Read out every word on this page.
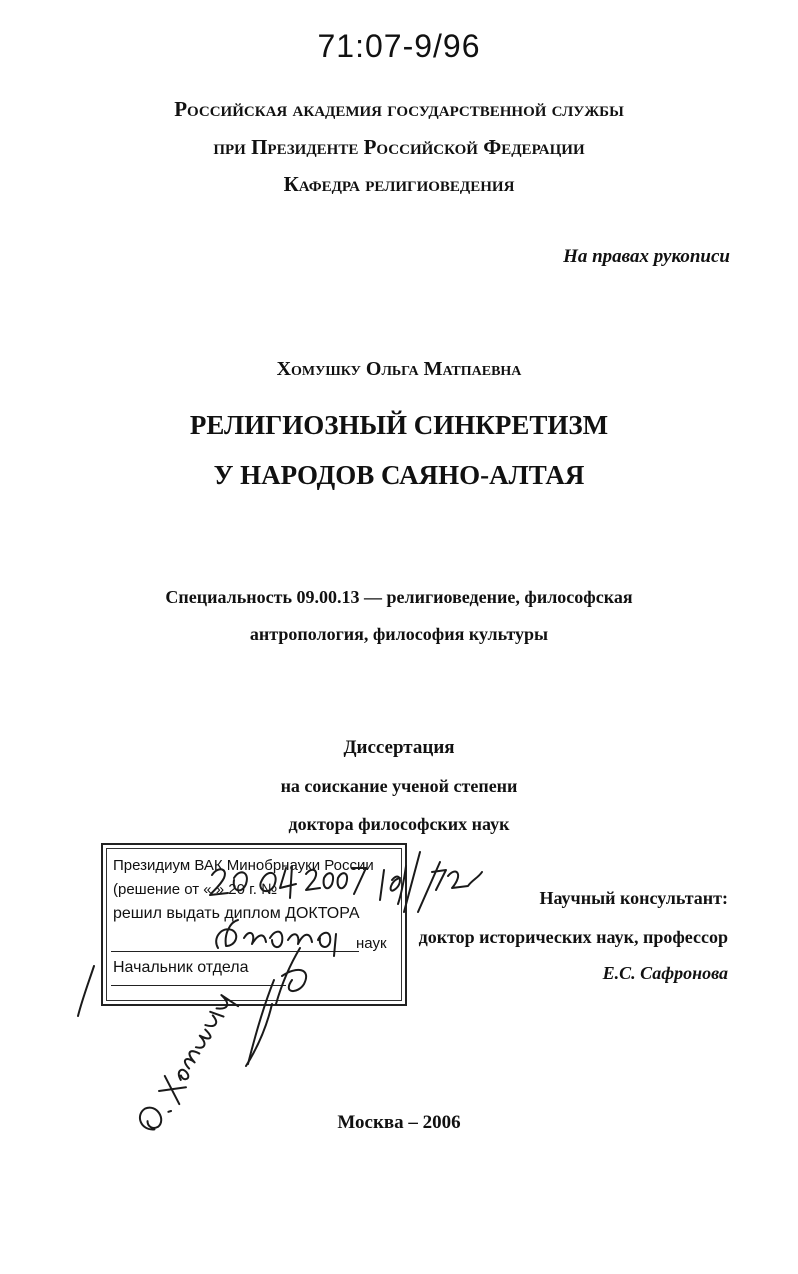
71:07-9/96
Российская академия государственной службы
при Президенте Российской Федерации
Кафедра религиоведения
На правах рукописи
Хомушку Ольга Матпаевна
РЕЛИГИОЗНЫЙ СИНКРЕТИЗМ
У НАРОДОВ САЯНО-АЛТАЯ
Специальность 09.00.13 — религиоведение, философская
антропология, философия культуры
Диссертация
на соискание ученой степени
доктора философских наук
Научный консультант:
доктор исторических наук, профессор
Е.С. Сафронова
Москва – 2006
Президиум ВАК Минобрнауки России
(решение от « » 20 г. №
решил выдать диплом ДОКТОРА
наук
Начальник отдела
О. Хомушку
